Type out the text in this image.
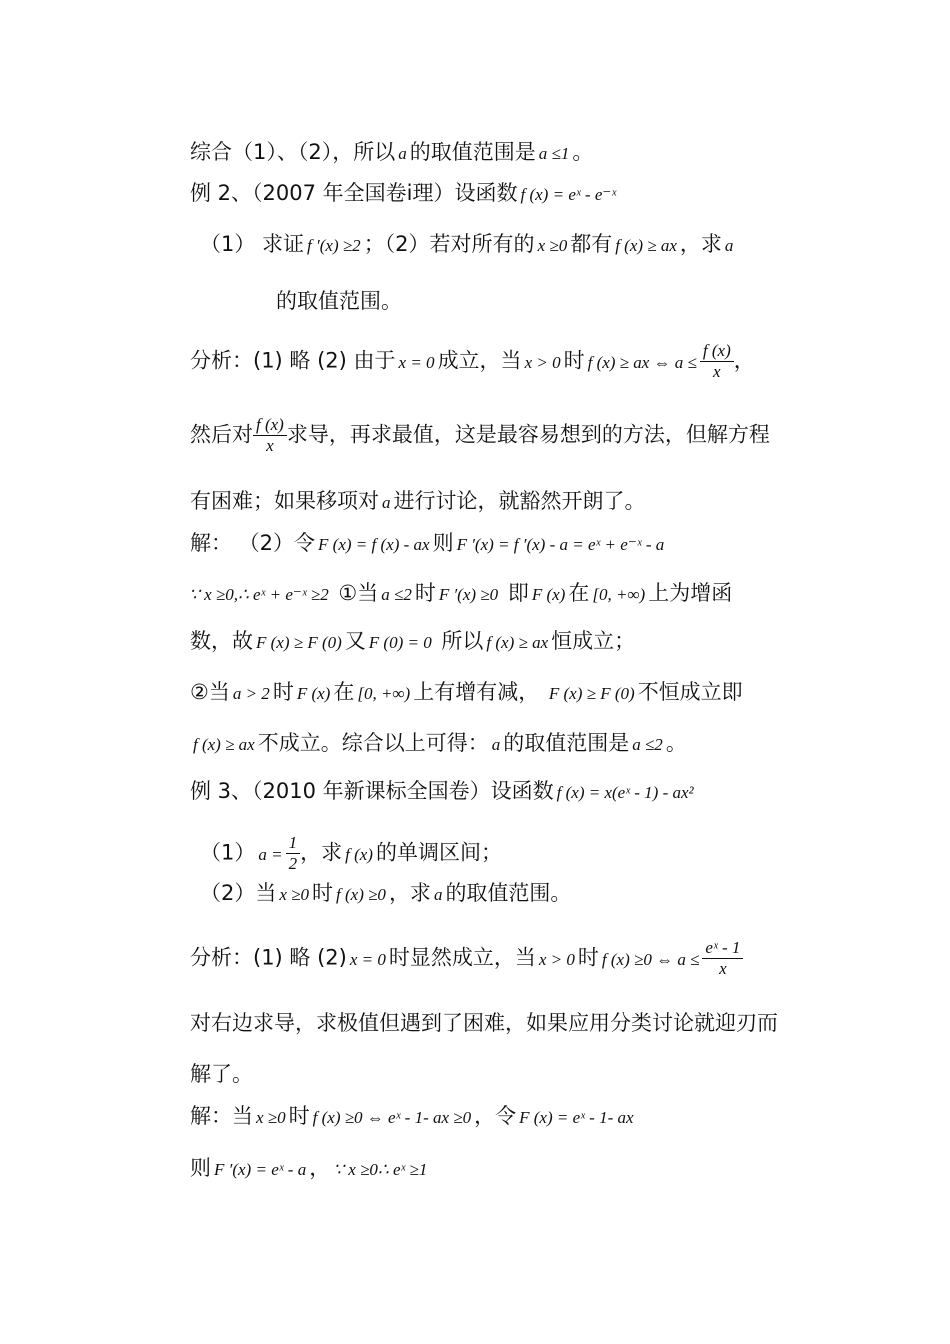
综合（1）、（2），所以 a 的取值范围是 a ≤1 。
例 2、（2007 年全国卷ⅰ理）设函数 f (x) = eˣ - e⁻ˣ
（1） 求证 f ′(x) ≥2 ；（2）若对所有的 x ≥0 都有 f (x) ≥ ax ，求 a
的取值范围。
分析：(1) 略 (2) 由于 x = 0 成立，当 x > 0 时 f (x) ≥ ax ⇔ $a \le \frac{f (x)}{x}$ ，
然后对 $\frac{f (x)}{x}$ 求导，再求最值，这是最容易想到的方法，但解方程
有困难；如果移项对 a 进行讨论，就豁然开朗了。
解： （2）令 F (x) = f (x) - ax 则 F ′(x) = f ′(x) - a = eˣ + e⁻ˣ - a
∵ x ≥0,∴ eˣ + e⁻ˣ ≥2 ①当 a ≤2 时 F ′(x) ≥0 即 F (x) 在 [0, +∞) 上为增函
数，故 F (x) ≥ F (0) 又 F (0) = 0 所以 f (x) ≥ ax 恒成立；
②当 a > 2 时 F (x) 在 [0, +∞) 上有增有减， F (x) ≥ F (0) 不恒成立即
f (x) ≥ ax 不成立。综合以上可得： a 的取值范围是 a ≤2 。
例 3、（2010 年新课标全国卷）设函数 f (x) = x(eˣ - 1) - ax²
（1） $a = \frac{1}{2}$ ，求 f (x) 的单调区间；
（2）当 x ≥0 时 f (x) ≥0 ，求 a 的取值范围。
分析：(1) 略 (2) x = 0 时显然成立，当 x > 0 时 f (x) ≥0 ⇔ $a \le \frac{\text{eˣ - 1}}{x}$
对右边求导，求极值但遇到了困难，如果应用分类讨论就迎刃而
解了。
解：当 x ≥0 时 f (x) ≥0 ⇔ eˣ - 1- ax ≥0 ，令 F (x) = eˣ - 1- ax
则 F ′(x) = eˣ - a ， ∵ x ≥0∴ eˣ ≥1
